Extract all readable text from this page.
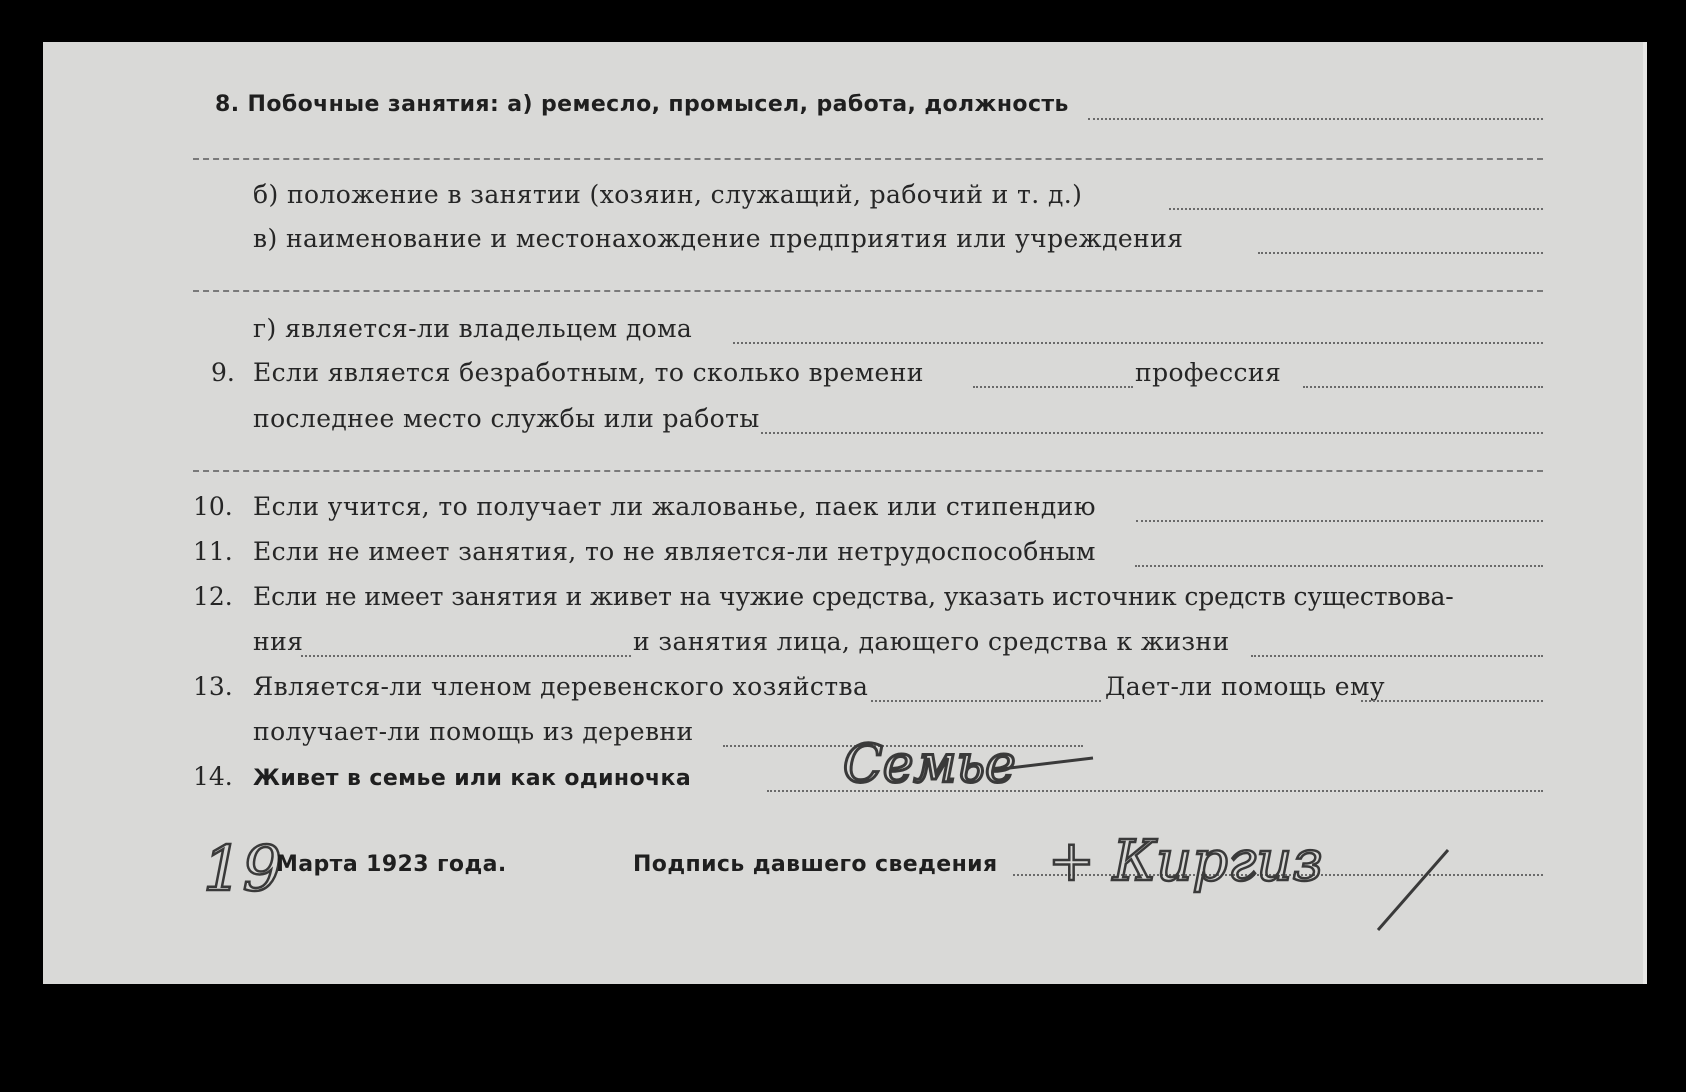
8. Побочные занятия: а) ремесло, промысел, работа, должность
б) положение в занятии (хозяин, служащий, рабочий и т. д.)
в) наименование и местонахождение предприятия или учреждения
г) является-ли владельцем дома
9. Если является безработным, то сколько времени	профессия
последнее место службы или работы
10. Если учится, то получает ли жалованье, паек или стипендию
11. Если не имеет занятия, то не является-ли нетрудоспособным
12. Если не имеет занятия и живет на чужие средства, указать источник средств существова-
ния	и занятия лица, дающего средства к жизни
13. Является-ли членом деревенского хозяйства	Дает-ли помощь ему
получает-ли помощь из деревни
14. Живет в семье или как одиночка	Семье
19
Марта 1923 года.	Подпись давшего сведения + Киргиз
